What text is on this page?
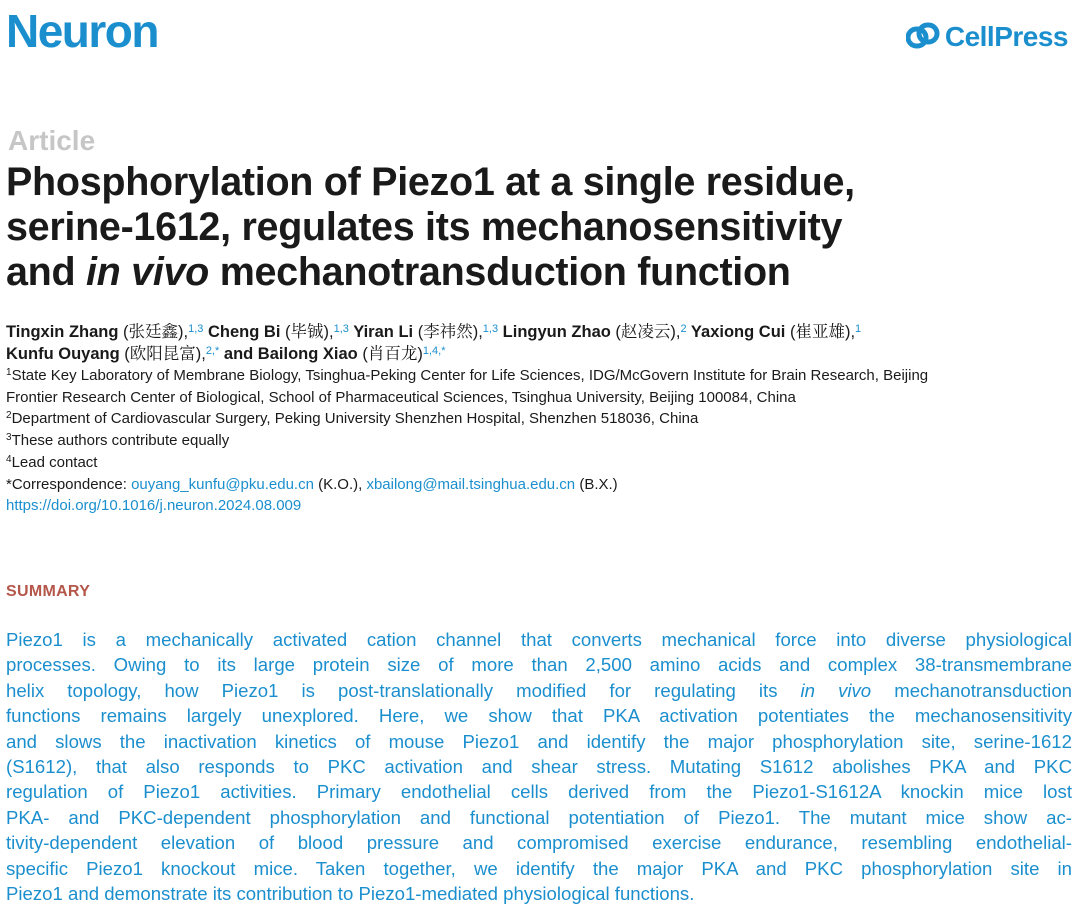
Neuron	CellPress
Article
Phosphorylation of Piezo1 at a single residue,
serine-1612, regulates its mechanosensitivity
and in vivo mechanotransduction function
Tingxin Zhang (张廷鑫),$^{1,3}$ Cheng Bi (毕铖),$^{1,3}$ Yiran Li (李祎然),$^{1,3}$ Lingyun Zhao (赵凌云),$^2$ Yaxiong Cui (崔亚雄),$^1$
Kunfu Ouyang (欧阳昆富),$^{2,*}$ and Bailong Xiao (肖百龙)$^{1,4,*}$
$^1$State Key Laboratory of Membrane Biology, Tsinghua-Peking Center for Life Sciences, IDG/McGovern Institute for Brain Research, Beijing
Frontier Research Center of Biological, School of Pharmaceutical Sciences, Tsinghua University, Beijing 100084, China
$^2$Department of Cardiovascular Surgery, Peking University Shenzhen Hospital, Shenzhen 518036, China
$^3$These authors contribute equally
$^4$Lead contact
*Correspondence: ouyang_kunfu@pku.edu.cn (K.O.), xbailong@mail.tsinghua.edu.cn (B.X.)
https://doi.org/10.1016/j.neuron.2024.08.009
SUMMARY
Piezo1 is a mechanically activated cation channel that converts mechanical force into diverse physiological
processes. Owing to its large protein size of more than 2,500 amino acids and complex 38-transmembrane
helix topology, how Piezo1 is post-translationally modified for regulating its in vivo mechanotransduction
functions remains largely unexplored. Here, we show that PKA activation potentiates the mechanosensitivity
and slows the inactivation kinetics of mouse Piezo1 and identify the major phosphorylation site, serine-1612
(S1612), that also responds to PKC activation and shear stress. Mutating S1612 abolishes PKA and PKC
regulation of Piezo1 activities. Primary endothelial cells derived from the Piezo1-S1612A knockin mice lost
PKA- and PKC-dependent phosphorylation and functional potentiation of Piezo1. The mutant mice show ac-
tivity-dependent elevation of blood pressure and compromised exercise endurance, resembling endothelial-
specific Piezo1 knockout mice. Taken together, we identify the major PKA and PKC phosphorylation site in
Piezo1 and demonstrate its contribution to Piezo1-mediated physiological functions.
